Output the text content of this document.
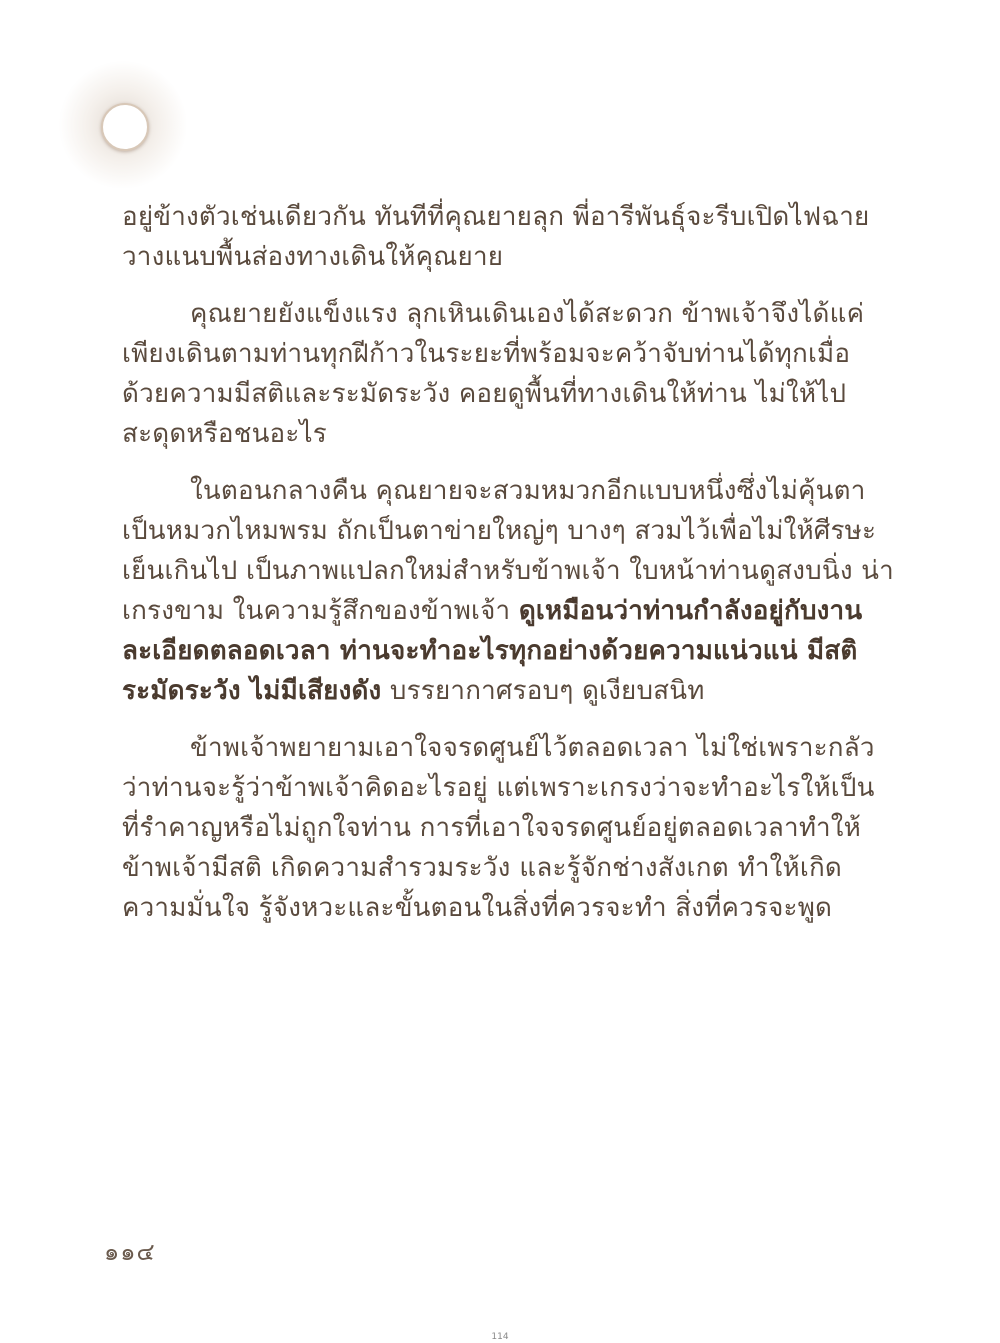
อยู่ข้างตัวเช่นเดียวกัน ทันทีที่คุณยายลุก พี่อารีพันธุ์จะรีบเปิดไฟฉาย
วางแนบพื้นส่องทางเดินให้คุณยาย

คุณยายยังแข็งแรง ลุกเหินเดินเองได้สะดวก ข้าพเจ้าจึงได้แค่
เพียงเดินตามท่านทุกฝีก้าวในระยะที่พร้อมจะคว้าจับท่านได้ทุกเมื่อ
ด้วยความมีสติและระมัดระวัง คอยดูพื้นที่ทางเดินให้ท่าน ไม่ให้ไป
สะดุดหรือชนอะไร

ในตอนกลางคืน คุณยายจะสวมหมวกอีกแบบหนึ่งซึ่งไม่คุ้นตา
เป็นหมวกไหมพรม ถักเป็นตาข่ายใหญ่ๆ บางๆ สวมไว้เพื่อไม่ให้ศีรษะ
เย็นเกินไป เป็นภาพแปลกใหม่สำหรับข้าพเจ้า ใบหน้าท่านดูสงบนิ่ง น่า
เกรงขาม ในความรู้สึกของข้าพเจ้า ดูเหมือนว่าท่านกำลังอยู่กับงาน
ละเอียดตลอดเวลา ท่านจะทำอะไรทุกอย่างด้วยความแน่วแน่ มีสติ
ระมัดระวัง ไม่มีเสียงดัง บรรยากาศรอบๆ ดูเงียบสนิท

ข้าพเจ้าพยายามเอาใจจรดศูนย์ไว้ตลอดเวลา ไม่ใช่เพราะกลัว
ว่าท่านจะรู้ว่าข้าพเจ้าคิดอะไรอยู่ แต่เพราะเกรงว่าจะทำอะไรให้เป็น
ที่รำคาญหรือไม่ถูกใจท่าน การที่เอาใจจรดศูนย์อยู่ตลอดเวลาทำให้
ข้าพเจ้ามีสติ เกิดความสำรวมระวัง และรู้จักช่างสังเกต ทำให้เกิด
ความมั่นใจ รู้จังหวะและขั้นตอนในสิ่งที่ควรจะทำ สิ่งที่ควรจะพูด

๑๑๔
114
